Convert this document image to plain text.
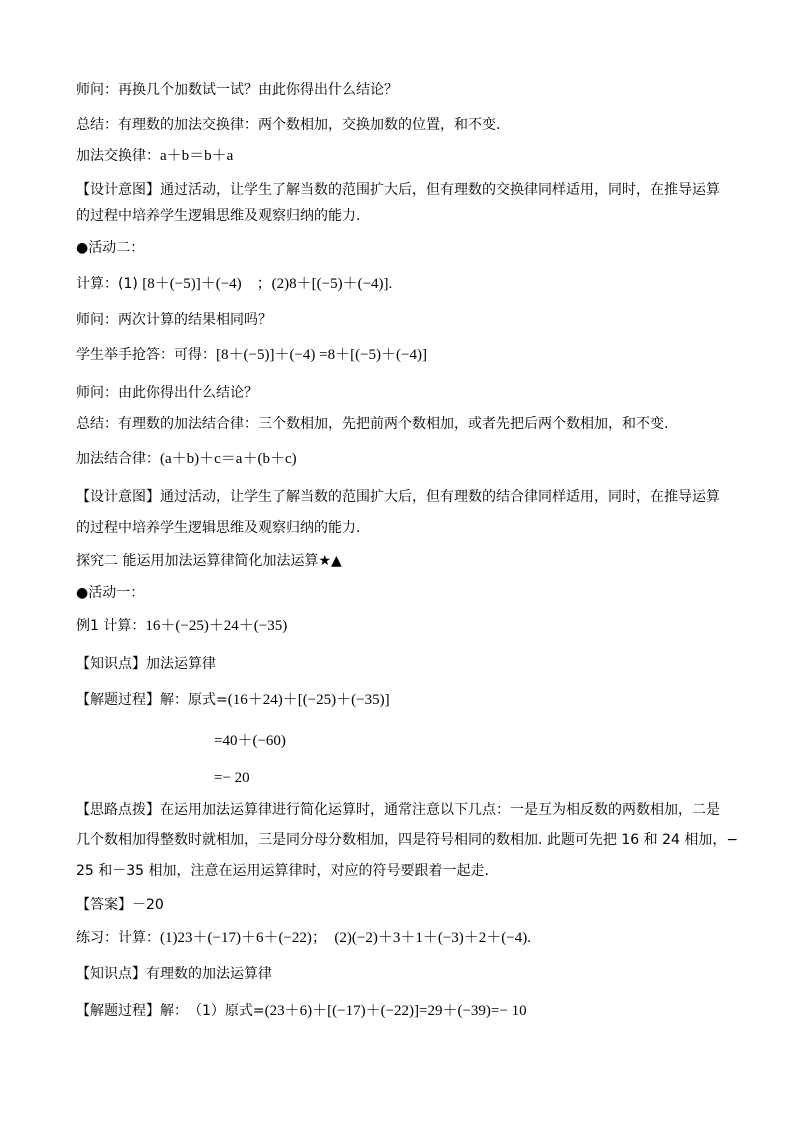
师问：再换几个加数试一试？由此你得出什么结论？
总结：有理数的加法交换律：两个数相加，交换加数的位置，和不变.
加法交换律：a＋b＝b＋a
【设计意图】通过活动，让学生了解当数的范围扩大后，但有理数的交换律同样适用，同时，在推导运算
的过程中培养学生逻辑思维及观察归纳的能力.
●活动二：
计算：(1) [8＋(−5)]＋(−4)　；(2)8＋[(−5)＋(−4)].
师问：两次计算的结果相同吗？
学生举手抢答：可得：[8＋(−5)]＋(−4) =8＋[(−5)＋(−4)]
师问：由此你得出什么结论？
总结：有理数的加法结合律：三个数相加，先把前两个数相加，或者先把后两个数相加，和不变.
加法结合律：(a＋b)＋c＝a＋(b＋c)
【设计意图】通过活动，让学生了解当数的范围扩大后，但有理数的结合律同样适用，同时，在推导运算
的过程中培养学生逻辑思维及观察归纳的能力.
探究二 能运用加法运算律简化加法运算★▲
●活动一：
例1 计算：16＋(−25)＋24＋(−35)
【知识点】加法运算律
【解题过程】解：原式=(16＋24)＋[(−25)＋(−35)]
=40＋(−60)
=− 20
【思路点拨】在运用加法运算律进行简化运算时，通常注意以下几点：一是互为相反数的两数相加，二是
几个数相加得整数时就相加，三是同分母分数相加，四是符号相同的数相加. 此题可先把 16 和 24 相加，−
25 和－35 相加，注意在运用运算律时，对应的符号要跟着一起走.
【答案】－20
练习：计算：(1)23＋(−17)＋6＋(−22)；　(2)(−2)＋3＋1＋(−3)＋2＋(−4).
【知识点】有理数的加法运算律
【解题过程】解：　（1）原式=(23＋6)＋[(−17)＋(−22)]=29＋(−39)=− 10
